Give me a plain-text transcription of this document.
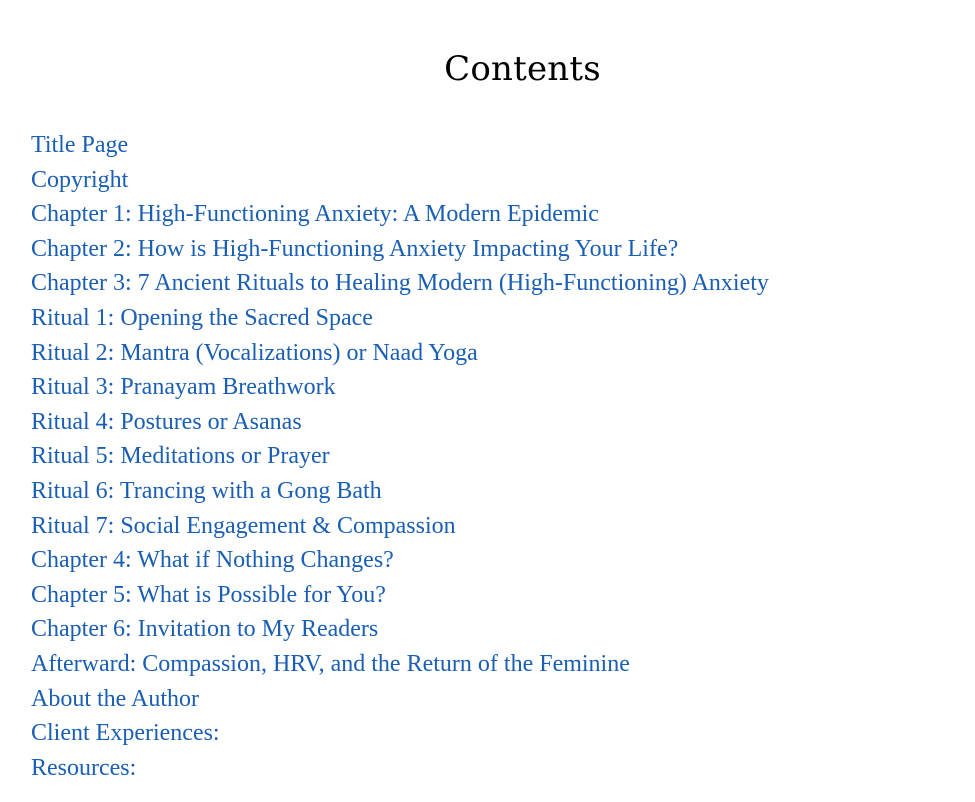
Contents
Title Page
Copyright
Chapter 1: High-Functioning Anxiety: A Modern Epidemic
Chapter 2: How is High-Functioning Anxiety Impacting Your Life?
Chapter 3: 7 Ancient Rituals to Healing Modern (High-Functioning) Anxiety
Ritual 1: Opening the Sacred Space
Ritual 2: Mantra (Vocalizations) or Naad Yoga
Ritual 3: Pranayam Breathwork
Ritual 4: Postures or Asanas
Ritual 5: Meditations or Prayer
Ritual 6: Trancing with a Gong Bath
Ritual 7: Social Engagement & Compassion
Chapter 4: What if Nothing Changes?
Chapter 5: What is Possible for You?
Chapter 6: Invitation to My Readers
Afterward: Compassion, HRV, and the Return of the Feminine
About the Author
Client Experiences:
Resources:
